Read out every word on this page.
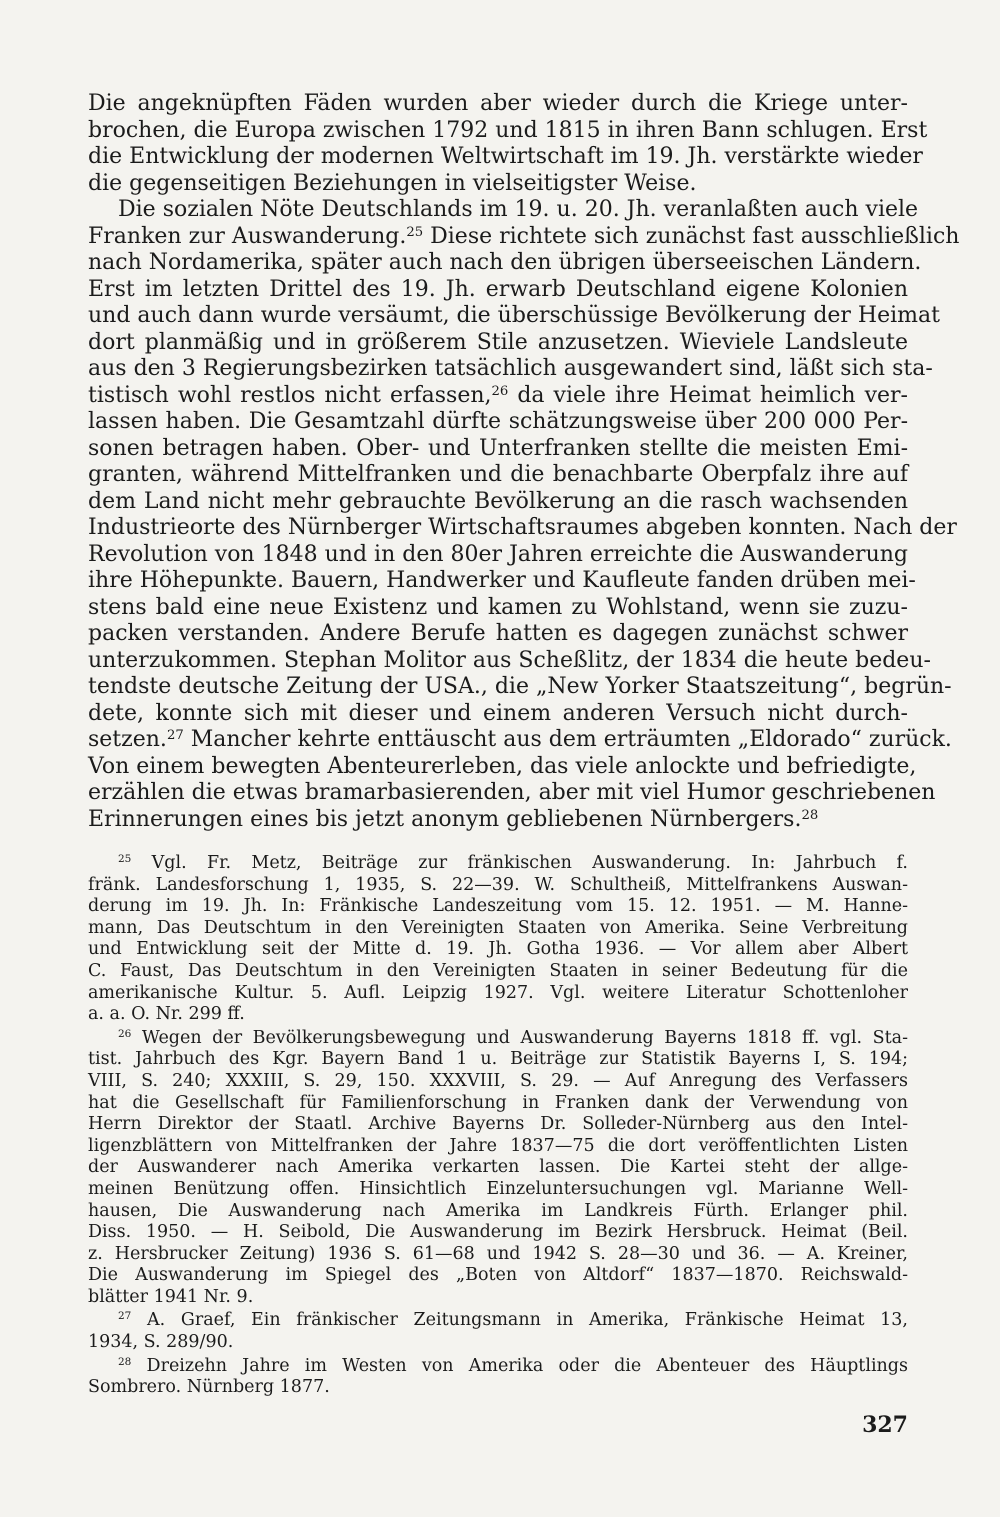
Die angeknüpften Fäden wurden aber wieder durch die Kriege unter-
brochen, die Europa zwischen 1792 und 1815 in ihren Bann schlugen. Erst
die Entwicklung der modernen Weltwirtschaft im 19. Jh. verstärkte wieder
die gegenseitigen Beziehungen in vielseitigster Weise.
Die sozialen Nöte Deutschlands im 19. u. 20. Jh. veranlaßten auch viele
Franken zur Auswanderung.$^{25}$ Diese richtete sich zunächst fast ausschließlich
nach Nordamerika, später auch nach den übrigen überseeischen Ländern.
Erst im letzten Drittel des 19. Jh. erwarb Deutschland eigene Kolonien
und auch dann wurde versäumt, die überschüssige Bevölkerung der Heimat
dort planmäßig und in größerem Stile anzusetzen. Wieviele Landsleute
aus den 3 Regierungsbezirken tatsächlich ausgewandert sind, läßt sich sta-
tistisch wohl restlos nicht erfassen,$^{26}$ da viele ihre Heimat heimlich ver-
lassen haben. Die Gesamtzahl dürfte schätzungsweise über 200 000 Per-
sonen betragen haben. Ober- und Unterfranken stellte die meisten Emi-
granten, während Mittelfranken und die benachbarte Oberpfalz ihre auf
dem Land nicht mehr gebrauchte Bevölkerung an die rasch wachsenden
Industrieorte des Nürnberger Wirtschaftsraumes abgeben konnten. Nach der
Revolution von 1848 und in den 80er Jahren erreichte die Auswanderung
ihre Höhepunkte. Bauern, Handwerker und Kaufleute fanden drüben mei-
stens bald eine neue Existenz und kamen zu Wohlstand, wenn sie zuzu-
packen verstanden. Andere Berufe hatten es dagegen zunächst schwer
unterzukommen. Stephan Molitor aus Scheßlitz, der 1834 die heute bedeu-
tendste deutsche Zeitung der USA., die „New Yorker Staatszeitung“, begrün-
dete, konnte sich mit dieser und einem anderen Versuch nicht durch-
setzen.$^{27}$ Mancher kehrte enttäuscht aus dem erträumten „Eldorado“ zurück.
Von einem bewegten Abenteurerleben, das viele anlockte und befriedigte,
erzählen die etwas bramarbasierenden, aber mit viel Humor geschriebenen
Erinnerungen eines bis jetzt anonym gebliebenen Nürnbergers.$^{28}$
$^{25}$ Vgl. Fr. Metz, Beiträge zur fränkischen Auswanderung. In: Jahrbuch f.
fränk. Landesforschung 1, 1935, S. 22—39. W. Schultheiß, Mittelfrankens Auswan-
derung im 19. Jh. In: Fränkische Landeszeitung vom 15. 12. 1951. — M. Hanne-
mann, Das Deutschtum in den Vereinigten Staaten von Amerika. Seine Verbreitung
und Entwicklung seit der Mitte d. 19. Jh. Gotha 1936. — Vor allem aber Albert
C. Faust, Das Deutschtum in den Vereinigten Staaten in seiner Bedeutung für die
amerikanische Kultur. 5. Aufl. Leipzig 1927. Vgl. weitere Literatur Schottenloher
a. a. O. Nr. 299 ff.
$^{26}$ Wegen der Bevölkerungsbewegung und Auswanderung Bayerns 1818 ff. vgl. Sta-
tist. Jahrbuch des Kgr. Bayern Band 1 u. Beiträge zur Statistik Bayerns I, S. 194;
VIII, S. 240; XXXIII, S. 29, 150. XXXVIII, S. 29. — Auf Anregung des Verfassers
hat die Gesellschaft für Familienforschung in Franken dank der Verwendung von
Herrn Direktor der Staatl. Archive Bayerns Dr. Solleder-Nürnberg aus den Intel-
ligenzblättern von Mittelfranken der Jahre 1837—75 die dort veröffentlichten Listen
der Auswanderer nach Amerika verkarten lassen. Die Kartei steht der allge-
meinen Benützung offen. Hinsichtlich Einzeluntersuchungen vgl. Marianne Well-
hausen, Die Auswanderung nach Amerika im Landkreis Fürth. Erlanger phil.
Diss. 1950. — H. Seibold, Die Auswanderung im Bezirk Hersbruck. Heimat (Beil.
z. Hersbrucker Zeitung) 1936 S. 61—68 und 1942 S. 28—30 und 36. — A. Kreiner,
Die Auswanderung im Spiegel des „Boten von Altdorf“ 1837—1870. Reichswald-
blätter 1941 Nr. 9.
$^{27}$ A. Graef, Ein fränkischer Zeitungsmann in Amerika, Fränkische Heimat 13,
1934, S. 289/90.
$^{28}$ Dreizehn Jahre im Westen von Amerika oder die Abenteuer des Häuptlings
Sombrero. Nürnberg 1877.
327
